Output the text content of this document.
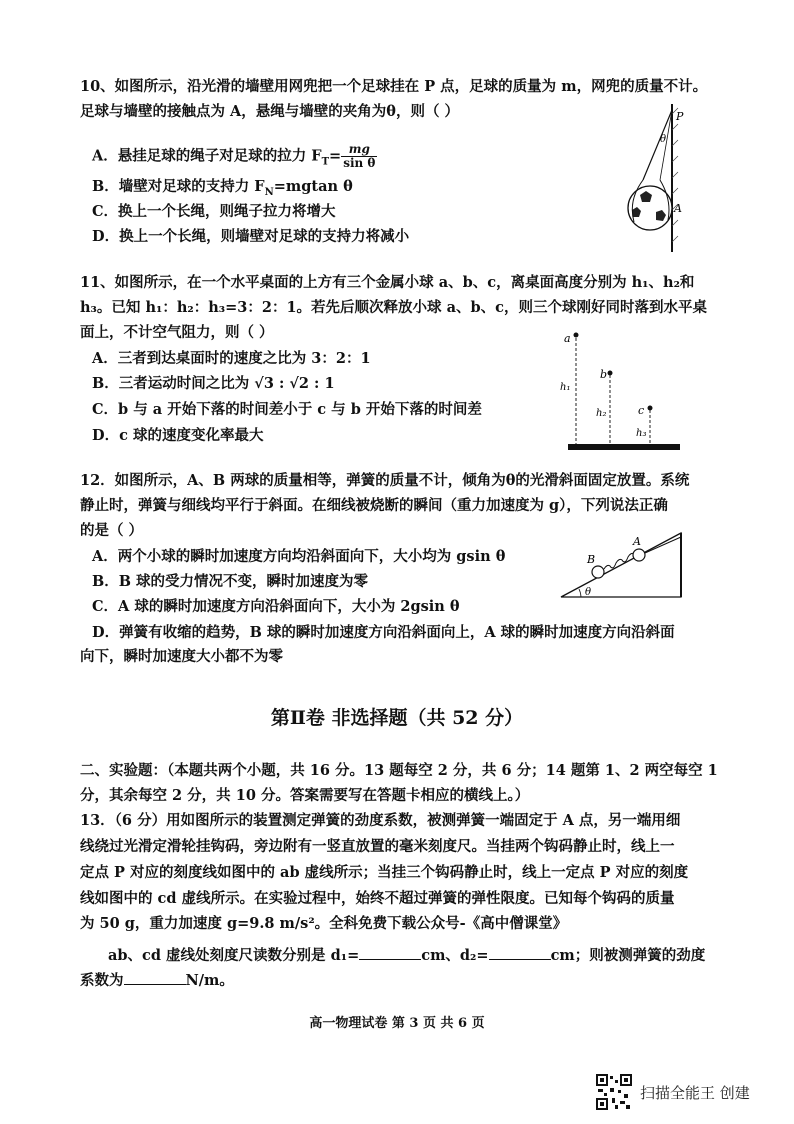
10、如图所示，沿光滑的墙壁用网兜把一个足球挂在 P 点，足球的质量为 m，网兜的质量不计。
足球与墙壁的接触点为 A，悬绳与墙壁的夹角为θ，则（ ）
A．悬挂足球的绳子对足球的拉力 $F_T= \frac{mg}{\text{sin θ}}$
B．墙壁对足球的支持力 $F_N=mgtan$ θ
C．换上一个长绳，则绳子拉力将增大
D．换上一个长绳，则墙壁对足球的支持力将减小
P
θ
A
11、如图所示，在一个水平桌面的上方有三个金属小球 a、b、c，离桌面高度分别为 h₁、h₂和
h₃。已知 h₁：h₂：h₃=3：2：1。若先后顺次释放小球 a、b、c，则三个球刚好同时落到水平桌
面上，不计空气阻力，则（ ）
A．三者到达桌面时的速度之比为 3：2：1
B．三者运动时间之比为 √3 : √2 : 1
C．b 与 a 开始下落的时间差小于 c 与 b 开始下落的时间差
D．c 球的速度变化率最大
a
b
c
h₁
h₂
h₃
12．如图所示，A、B 两球的质量相等，弹簧的质量不计，倾角为θ的光滑斜面固定放置。系统
静止时，弹簧与细线均平行于斜面。在细线被烧断的瞬间（重力加速度为 g），下列说法正确
的是（ ）
A．两个小球的瞬时加速度方向均沿斜面向下，大小均为 gsin θ
B．B 球的受力情况不变，瞬时加速度为零
C．A 球的瞬时加速度方向沿斜面向下，大小为 2gsin θ
D．弹簧有收缩的趋势，B 球的瞬时加速度方向沿斜面向上，A 球的瞬时加速度方向沿斜面
向下，瞬时加速度大小都不为零
θ
B
A
第Ⅱ卷 非选择题（共 52 分）
二、实验题：（本题共两个小题，共 16 分。13 题每空 2 分，共 6 分；14 题第 1、2 两空每空 1
分，其余每空 2 分，共 10 分。答案需要写在答题卡相应的横线上。）
13．（6 分）用如图所示的装置测定弹簧的劲度系数，被测弹簧一端固定于 A 点，另一端用细
线绕过光滑定滑轮挂钩码，旁边附有一竖直放置的毫米刻度尺。当挂两个钩码静止时，线上一
定点 P 对应的刻度线如图中的 ab 虚线所示；当挂三个钩码静止时，线上一定点 P 对应的刻度
线如图中的 cd 虚线所示。在实验过程中，始终不超过弹簧的弹性限度。已知每个钩码的质量
为 50 g，重力加速度 g=9.8 m/s²。全科免费下载公众号-《高中僧课堂》
ab、cd 虚线处刻度尺读数分别是 d₁=	cm、d₂=	cm；则被测弹簧的劲度
系数为	N/m。
高一物理试卷 第 3 页 共 6 页
扫描全能王 创建
